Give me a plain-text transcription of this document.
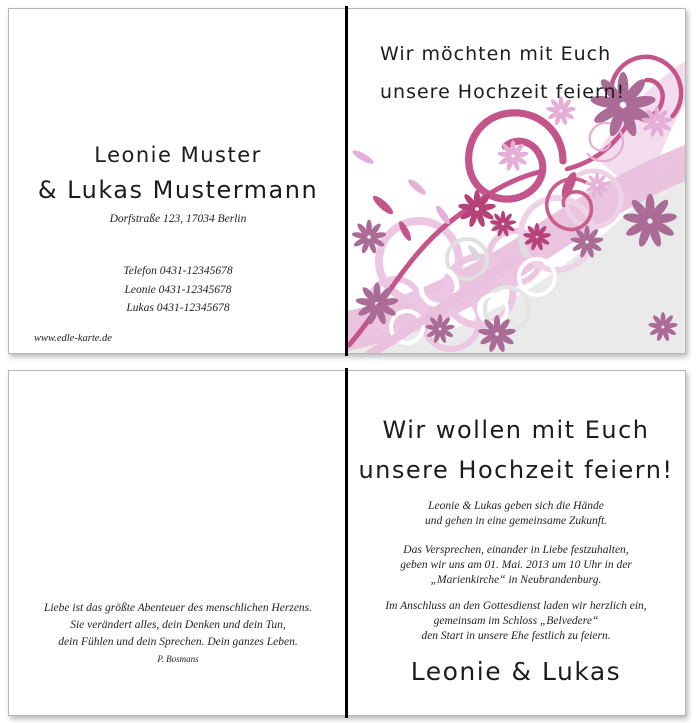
Leonie Muster
& Lukas Mustermann
Dorfstraße 123, 17034 Berlin
Telefon 0431-12345678
Leonie 0431-12345678
Lukas 0431-12345678
www.edle-karte.de
Wir möchten mit Euch
unsere Hochzeit feiern!
Liebe ist das größte Abenteuer des menschlichen Herzens.
Sie verändert alles, dein Denken und dein Tun,
dein Fühlen und dein Sprechen. Dein ganzes Leben.
P. Bosmans
Wir wollen mit Euch
unsere Hochzeit feiern!
Leonie & Lukas geben sich die Hände
und gehen in eine gemeinsame Zukunft.
Das Versprechen, einander in Liebe festzuhalten,
geben wir uns am 01. Mai. 2013 um 10 Uhr in der
„Marienkirche“ in Neubrandenburg.
Im Anschluss an den Gottesdienst laden wir herzlich ein,
gemeinsam im Schloss „Belvedere“
den Start in unsere Ehe festlich zu feiern.
Leonie & Lukas
